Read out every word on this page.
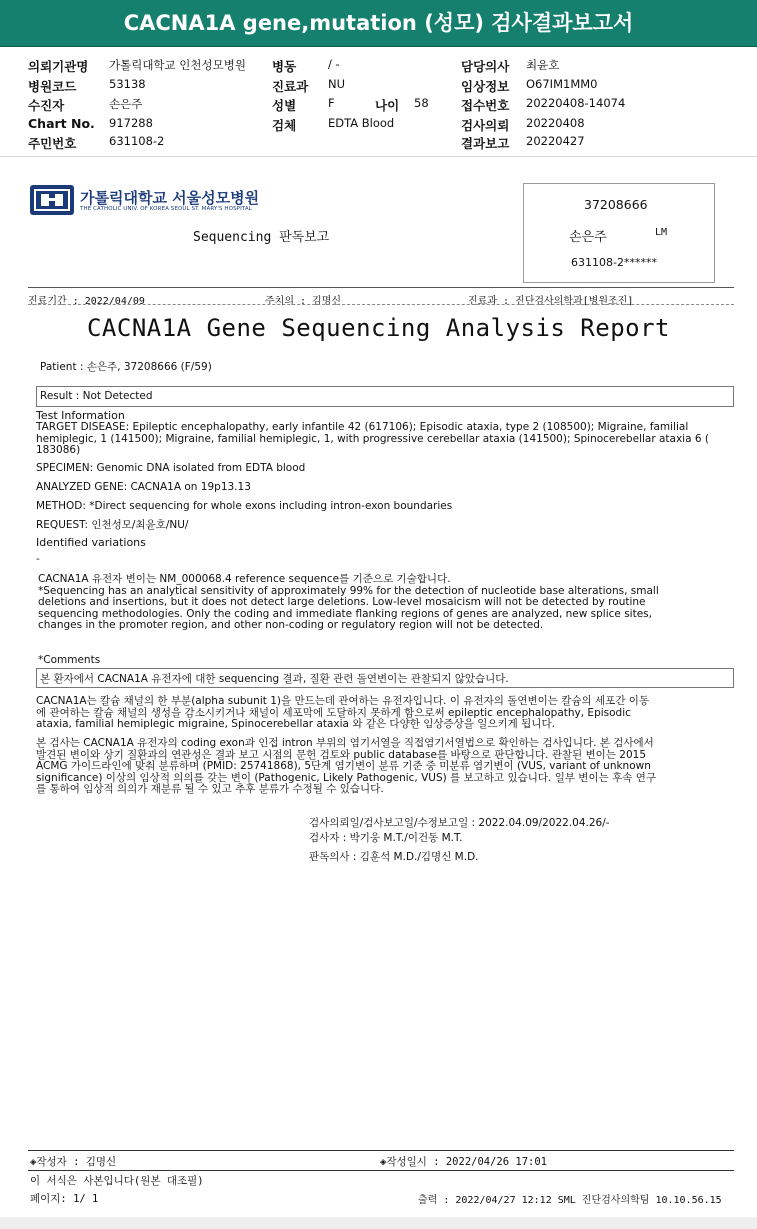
CACNA1A gene,mutation (성모) 검사결과보고서
의뢰기관명 가톨릭대학교 인천성모병원
병원코드	53138
수진자	손은주
Chart No. 917288
주민번호	631108-2
병동	/ -
진료과 NU
성별	F	나이 58
검체	EDTA Blood
담당의사 최윤호
임상정보 O67IM1MM0
접수번호 20220408-14074
검사의뢰 20220408
결과보고 20220427
가톨릭대학교 서울성모병원
THE CATHOLIC UNIV. OF KOREA SEOUL ST. MARY'S HOSPITAL
Sequencing 판독보고
37208666
손은주	LM
631108-2******
진료기간 : 2022/04/09	주치의 : 김명신	진료과 : 진단검사의학과[병원조진]
CACNA1A Gene Sequencing Analysis Report
Patient : 손은주, 37208666 (F/59)
Result : Not Detected
Test Information
TARGET DISEASE: Epileptic encephalopathy, early infantile 42 (617106); Episodic ataxia, type 2 (108500); Migraine, familial
hemiplegic, 1 (141500); Migraine, familial hemiplegic, 1, with progressive cerebellar ataxia (141500); Spinocerebellar ataxia 6 (
183086)
SPECIMEN: Genomic DNA isolated from EDTA blood
ANALYZED GENE: CACNA1A on 19p13.13
METHOD: *Direct sequencing for whole exons including intron-exon boundaries
REQUEST: 인천성모/최윤호/NU/
Identified variations
-
CACNA1A 유전자 변이는 NM_000068.4 reference sequence를 기준으로 기술합니다.
*Sequencing has an analytical sensitivity of approximately 99% for the detection of nucleotide base alterations, small
deletions and insertions, but it does not detect large deletions. Low-level mosaicism will not be detected by routine
sequencing methodologies. Only the coding and immediate flanking regions of genes are analyzed, new splice sites,
changes in the promoter region, and other non-coding or regulatory region will not be detected.
*Comments
본 환자에서 CACNA1A 유전자에 대한 sequencing 결과, 질환 관련 돌연변이는 관찰되지 않았습니다.
CACNA1A는 칼슘 채널의 한 부분(alpha subunit 1)을 만드는데 관여하는 유전자입니다. 이 유전자의 돌연변이는 칼슘의 세포간 이동
에 관여하는 칼슘 채널의 생성을 감소시키거나 채널이 세포막에 도달하지 못하게 함으로써 epileptic encephalopathy, Episodic
ataxia, familial hemiplegic migraine, Spinocerebellar ataxia 와 같은 다양한 임상증상을 일으키게 됩니다.
본 검사는 CACNA1A 유전자의 coding exon과 인접 intron 부위의 염기서열을 직접염기서열법으로 확인하는 검사입니다. 본 검사에서
발견된 변이와 상기 질환과의 연관성은 결과 보고 시점의 문헌 검토와 public database를 바탕으로 판단합니다. 관찰된 변이는 2015
ACMG 가이드라인에 맞춰 분류하며 (PMID: 25741868), 5단계 염기변이 분류 기준 중 미분류 염기변이 (VUS, variant of unknown
significance) 이상의 임상적 의의를 갖는 변이 (Pathogenic, Likely Pathogenic, VUS) 를 보고하고 있습니다. 일부 변이는 후속 연구
를 통하여 임상적 의의가 재분류 될 수 있고 추후 분류가 수정될 수 있습니다.
검사의뢰일/검사보고일/수정보고일 : 2022.04.09/2022.04.26/-
검사자 : 박기웅 M.T./이건동 M.T.
판독의사 : 김훈석 M.D./김명신 M.D.
◈작성자 : 김명신	◈작성일시 : 2022/04/26 17:01
이 서식은 사본입니다(원본 대조필)
페이지: 1/ 1	출력 : 2022/04/27 12:12 SML 진단검사의학팀 10.10.56.15
